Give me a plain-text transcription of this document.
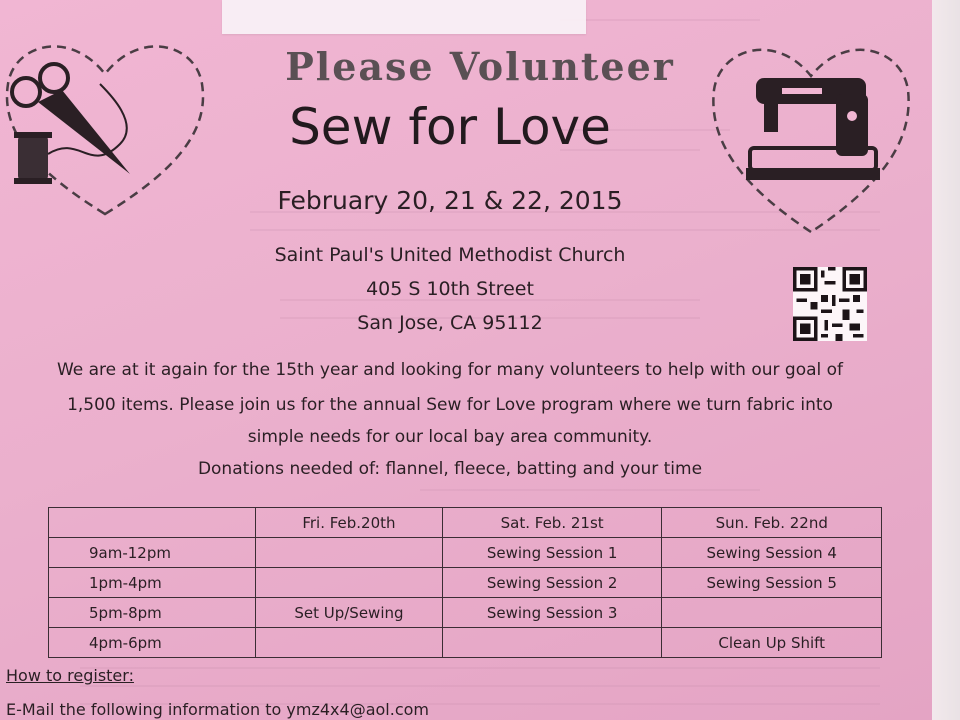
Please Volunteer
Sew for Love
February 20, 21 & 22, 2015
Saint Paul's United Methodist Church
405 S 10th Street
San Jose, CA 95112
We are at it again for the 15th year and looking for many volunteers to help with our goal of
1,500 items. Please join us for the annual Sew for Love program where we turn fabric into
simple needs for our local bay area community.
Donations needed of: flannel, fleece, batting and your time
	Fri. Feb.20th	Sat. Feb. 21st	Sun. Feb. 22nd
9am-12pm		Sewing Session 1	Sewing Session 4
1pm-4pm		Sewing Session 2	Sewing Session 5
5pm-8pm	Set Up/Sewing	Sewing Session 3	
4pm-6pm			Clean Up Shift
How to register:
E-Mail the following information to ymz4x4@aol.com
